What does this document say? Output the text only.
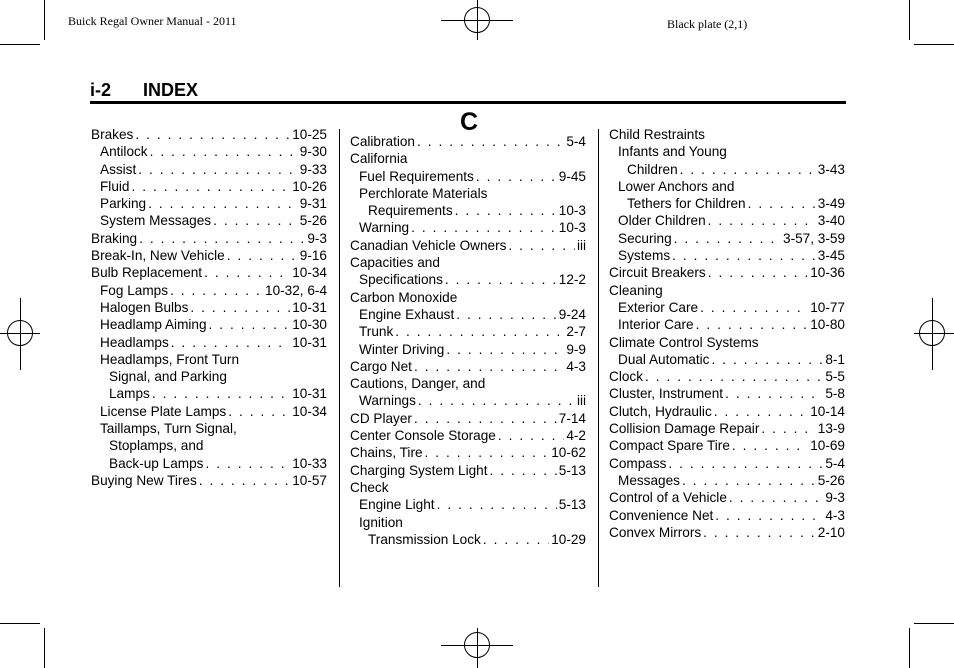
Buick Regal Owner Manual - 2011	Black plate (2,1)
i-2 INDEX
Brakes . . .	10-25
Antilock . . .	9-30
Assist . . .	9-33
Fluid . . .	10-26
Parking . . .	9-31
System Messages . . .	5-26
Braking . . .	9-3
Break-In, New Vehicle . . .	9-16
Bulb Replacement . . .	10-34
Fog Lamps . . .	10-32, 6-4
Halogen Bulbs . . .	10-31
Headlamp Aiming . . .	10-30
Headlamps . . .	10-31
Headlamps, Front Turn
Signal, and Parking
Lamps . . .	10-31
License Plate Lamps . . .	10-34
Taillamps, Turn Signal,
Stoplamps, and
Back-up Lamps . . .	10-33
Buying New Tires . . .	10-57
C
Calibration . . .	5-4
California
Fuel Requirements . . .	9-45
Perchlorate Materials
Requirements . . .	10-3
Warning . . .	10-3
Canadian Vehicle Owners . . .	iii
Capacities and
Specifications . . .	12-2
Carbon Monoxide
Engine Exhaust . . .	9-24
Trunk . . .	2-7
Winter Driving . . .	9-9
Cargo Net . . .	4-3
Cautions, Danger, and
Warnings . . .	iii
CD Player . . .	7-14
Center Console Storage . . .	4-2
Chains, Tire . . .	10-62
Charging System Light . . .	5-13
Check
Engine Light . . .	5-13
Ignition
Transmission Lock . . .	10-29
Child Restraints
Infants and Young
Children . . .	3-43
Lower Anchors and
Tethers for Children . . .	3-49
Older Children . . .	3-40
Securing . . .	3-57, 3-59
Systems . . .	3-45
Circuit Breakers . . .	10-36
Cleaning
Exterior Care . . .	10-77
Interior Care . . .	10-80
Climate Control Systems
Dual Automatic . . .	8-1
Clock . . .	5-5
Cluster, Instrument . . .	5-8
Clutch, Hydraulic . . .	10-14
Collision Damage Repair . . .	13-9
Compact Spare Tire . . .	10-69
Compass . . .	5-4
Messages . . .	5-26
Control of a Vehicle . . .	9-3
Convenience Net . . .	4-3
Convex Mirrors . . .	2-10
